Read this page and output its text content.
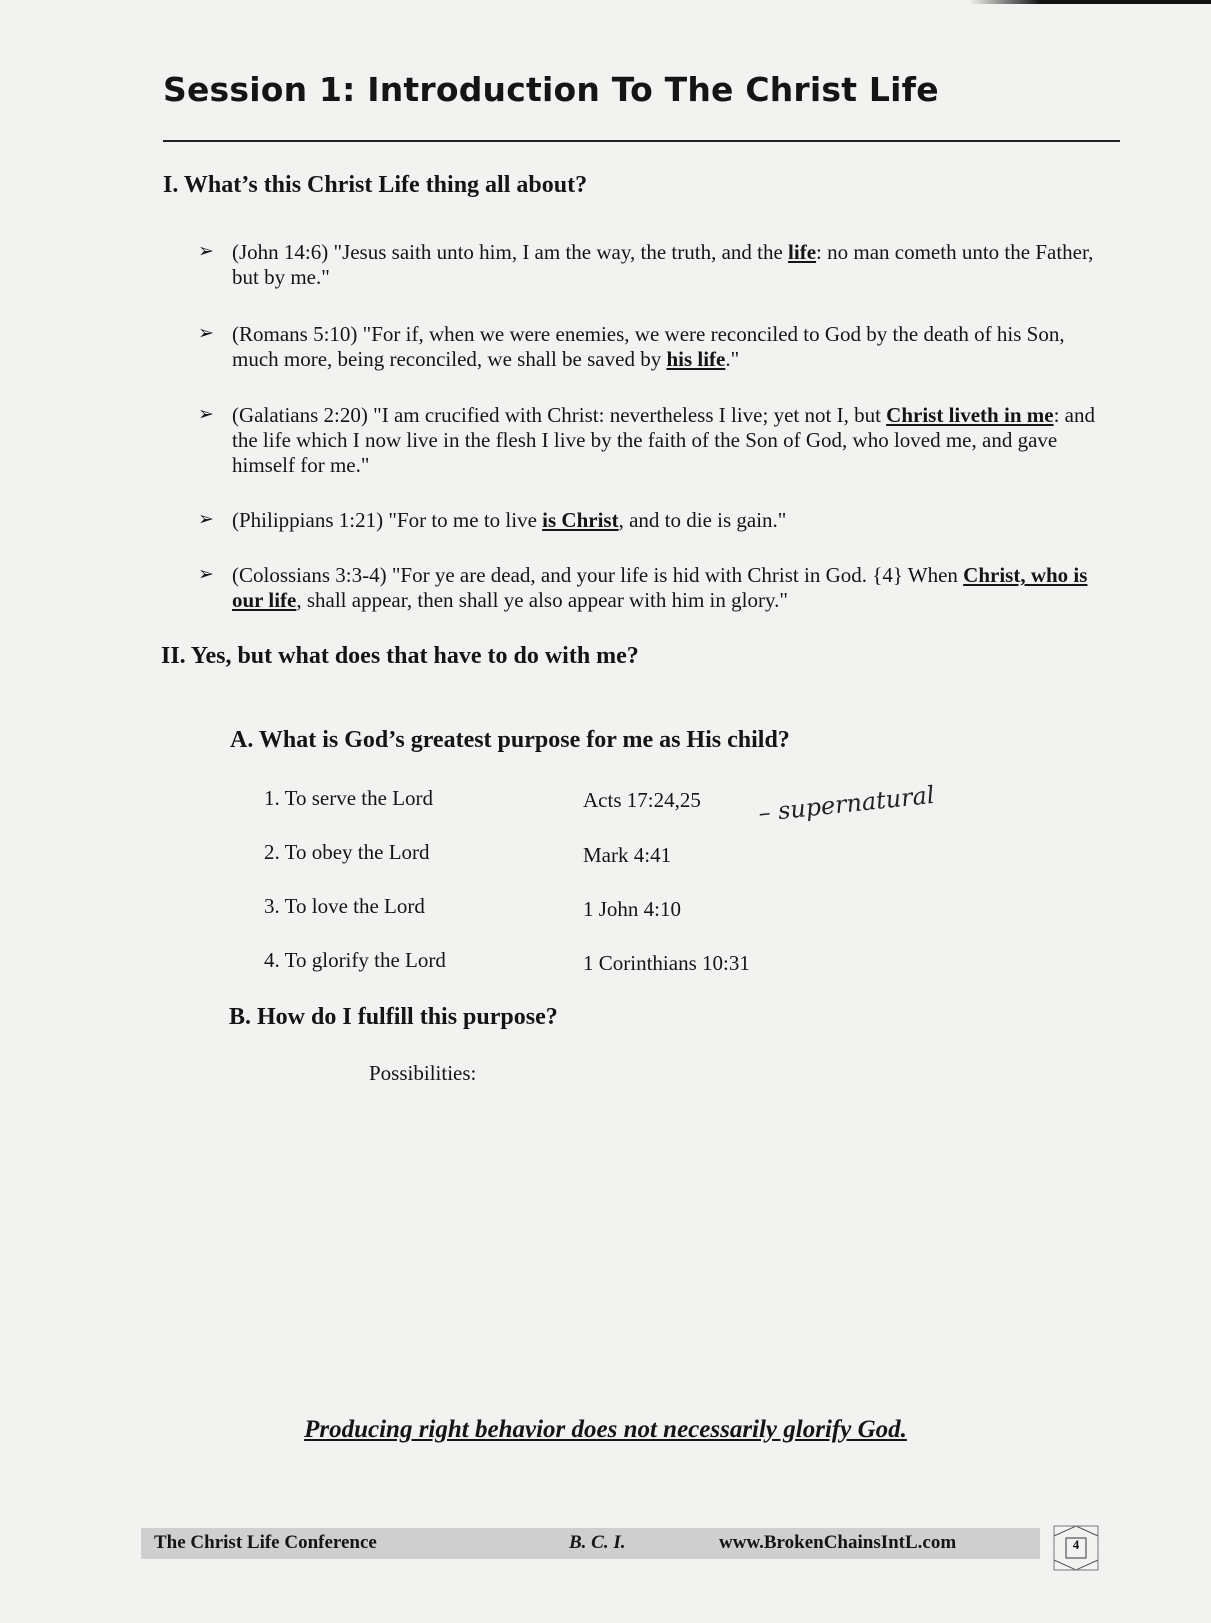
Session 1: Introduction To The Christ Life
I. What’s this Christ Life thing all about?
➢ (John 14:6) "Jesus saith unto him, I am the way, the truth, and the life: no man cometh unto the Father, but by me."
➢ (Romans 5:10) "For if, when we were enemies, we were reconciled to God by the death of his Son, much more, being reconciled, we shall be saved by his life."
➢ (Galatians 2:20) "I am crucified with Christ: nevertheless I live; yet not I, but Christ liveth in me: and the life which I now live in the flesh I live by the faith of the Son of God, who loved me, and gave himself for me."
➢ (Philippians 1:21) "For to me to live is Christ, and to die is gain."
➢ (Colossians 3:3-4) "For ye are dead, and your life is hid with Christ in God. {4} When Christ, who is our life, shall appear, then shall ye also appear with him in glory."
II. Yes, but what does that have to do with me?
A. What is God’s greatest purpose for me as His child?
1. To serve the Lord	Acts 17:24,25 – supernatural
2. To obey the Lord	Mark 4:41
3. To love the Lord	1 John 4:10
4. To glorify the Lord	1 Corinthians 10:31
B. How do I fulfill this purpose?
Possibilities:
Producing right behavior does not necessarily glorify God.
The Christ Life Conference	B. C. I.	www.BrokenChainsIntL.com	4
